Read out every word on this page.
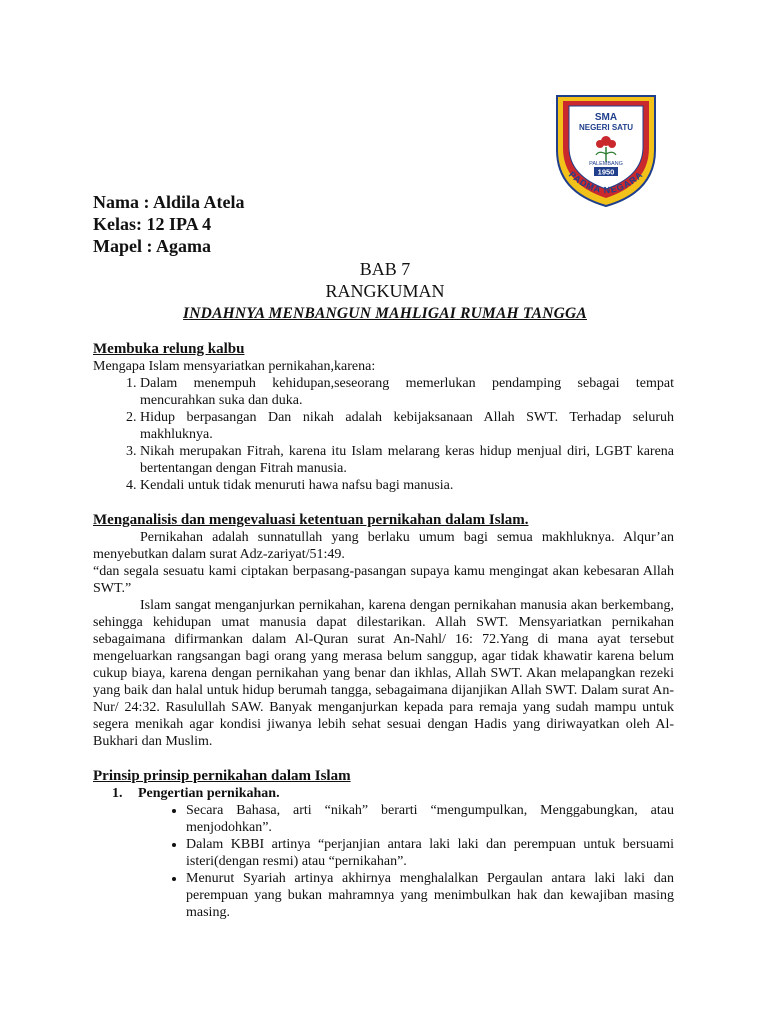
SMA
NEGERI SATU
PALEMBANG
1950
PADMA NEGARA
Nama : Aldila Atela
Kelas: 12 IPA 4
Mapel : Agama
BAB 7
RANGKUMAN
INDAHNYA MENBANGUN MAHLIGAI RUMAH TANGGA
Membuka relung kalbu
Mengapa Islam mensyariatkan pernikahan,karena:
1. Dalam menempuh kehidupan,seseorang memerlukan pendamping sebagai tempat mencurahkan suka dan duka.
2. Hidup berpasangan Dan nikah adalah kebijaksanaan Allah SWT. Terhadap seluruh makhluknya.
3. Nikah merupakan Fitrah, karena itu Islam melarang keras hidup menjual diri, LGBT karena bertentangan dengan Fitrah manusia.
4. Kendali untuk tidak menuruti hawa nafsu bagi manusia.
Menganalisis dan mengevaluasi ketentuan pernikahan dalam Islam.
Pernikahan adalah sunnatullah yang berlaku umum bagi semua makhluknya. Alqur’an menyebutkan dalam surat Adz-zariyat/51:49.
“dan segala sesuatu kami ciptakan berpasang-pasangan supaya kamu mengingat akan kebesaran Allah SWT.”
Islam sangat menganjurkan pernikahan, karena dengan pernikahan manusia akan berkembang, sehingga kehidupan umat manusia dapat dilestarikan. Allah SWT. Mensyariatkan pernikahan sebagaimana difirmankan dalam Al-Quran surat An-Nahl/ 16: 72.Yang di mana ayat tersebut mengeluarkan rangsangan bagi orang yang merasa belum sanggup, agar tidak khawatir karena belum cukup biaya, karena dengan pernikahan yang benar dan ikhlas, Allah SWT. Akan melapangkan rezeki yang baik dan halal untuk hidup berumah tangga, sebagaimana dijanjikan Allah SWT. Dalam surat An-Nur/ 24:32. Rasulullah SAW. Banyak menganjurkan kepada para remaja yang sudah mampu untuk segera menikah agar kondisi jiwanya lebih sehat sesuai dengan Hadis yang diriwayatkan oleh Al-Bukhari dan Muslim.
Prinsip prinsip pernikahan dalam Islam
1.	Pengertian pernikahan.
• Secara Bahasa, arti “nikah” berarti “mengumpulkan, Menggabungkan, atau menjodohkan”.
• Dalam KBBI artinya “perjanjian antara laki laki dan perempuan untuk bersuami isteri(dengan resmi) atau “pernikahan”.
• Menurut Syariah artinya akhirnya menghalalkan Pergaulan antara laki laki dan perempuan yang bukan mahramnya yang menimbulkan hak dan kewajiban masing masing.
